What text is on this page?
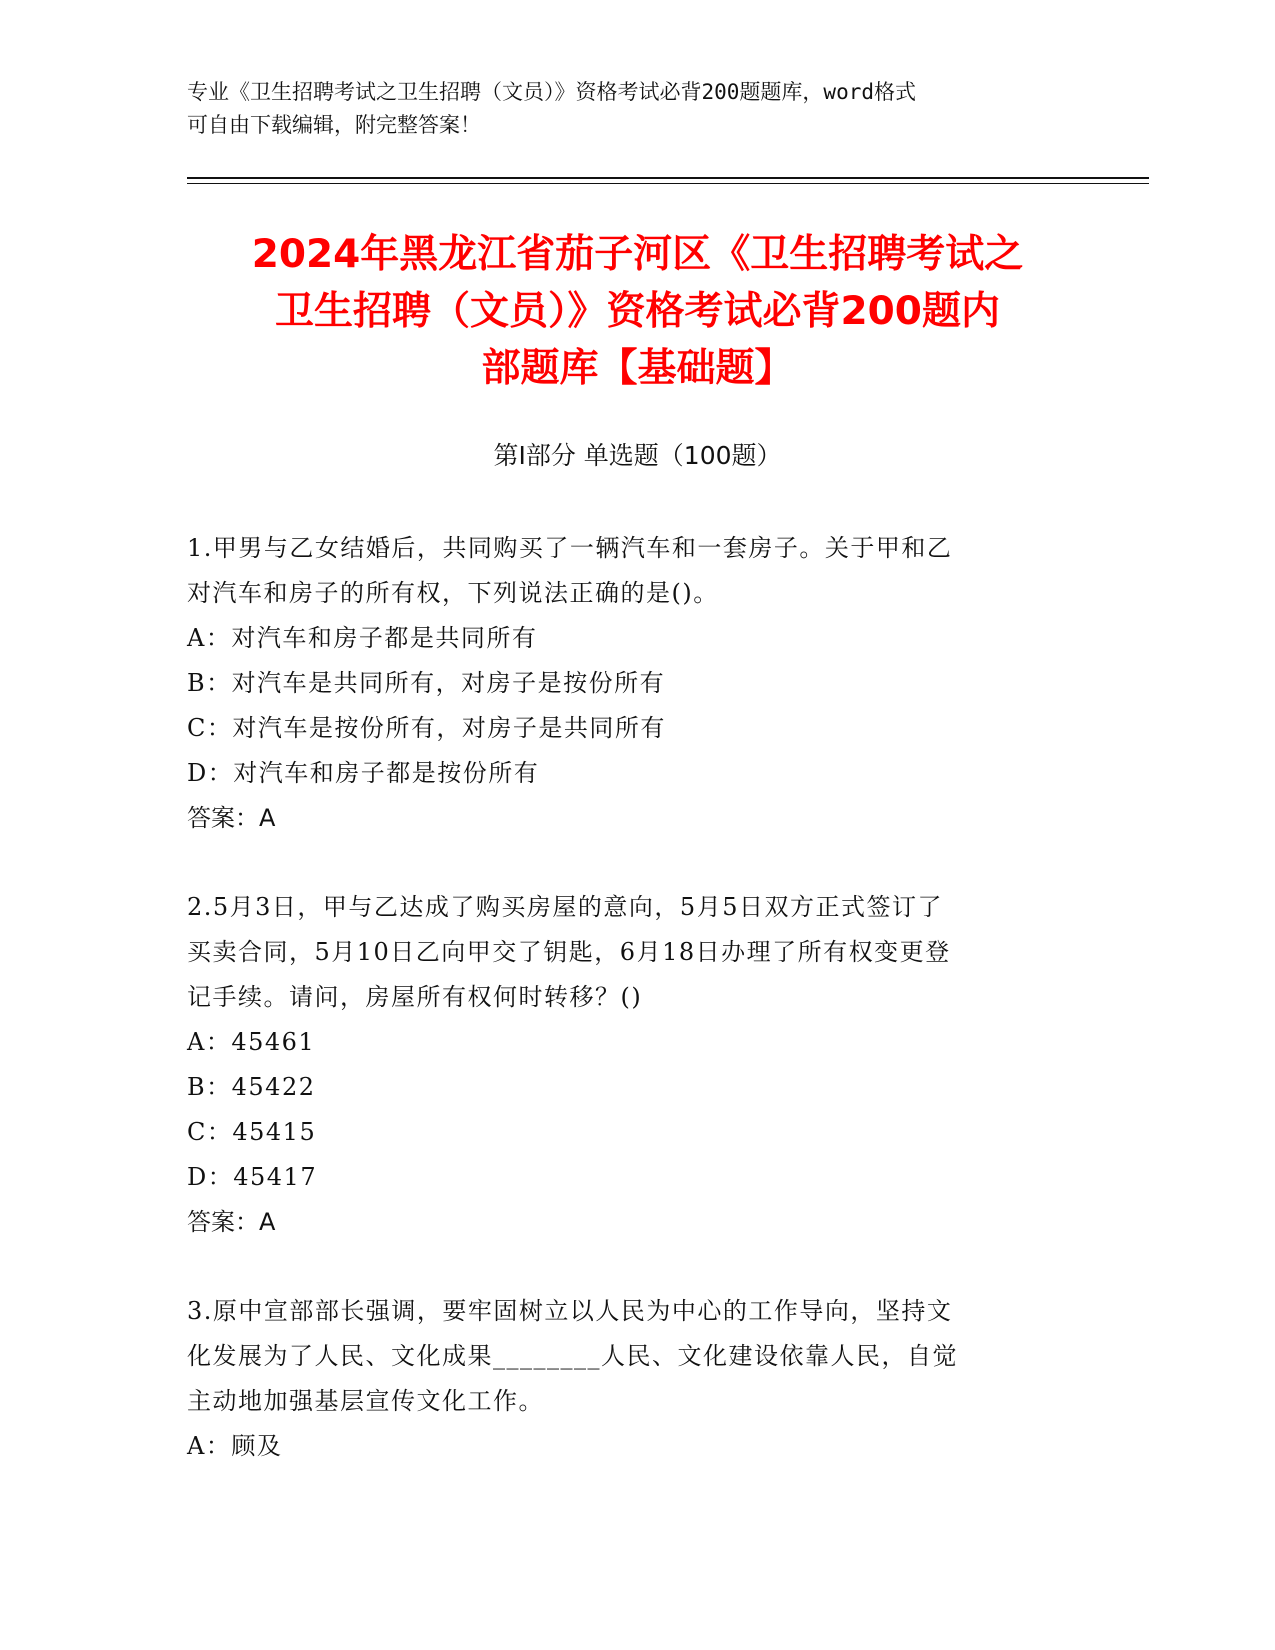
专业《卫生招聘考试之卫生招聘（文员）》资格考试必背200题题库，word格式
可自由下载编辑，附完整答案！
2024年黑龙江省茄子河区《卫生招聘考试之
卫生招聘（文员）》资格考试必背200题内
部题库【基础题】
第Ⅰ部分 单选题（100题）
1.甲男与乙女结婚后，共同购买了一辆汽车和一套房子。关于甲和乙
对汽车和房子的所有权，下列说法正确的是()。
A：对汽车和房子都是共同所有
B：对汽车是共同所有，对房子是按份所有
C：对汽车是按份所有，对房子是共同所有
D：对汽车和房子都是按份所有
答案：A
2.5月3日，甲与乙达成了购买房屋的意向，5月5日双方正式签订了
买卖合同，5月10日乙向甲交了钥匙，6月18日办理了所有权变更登
记手续。请问，房屋所有权何时转移？()
A：45461
B：45422
C：45415
D：45417
答案：A
3.原中宣部部长强调，要牢固树立以人民为中心的工作导向，坚持文
化发展为了人民、文化成果________人民、文化建设依靠人民，自觉
主动地加强基层宣传文化工作。
A：顾及
